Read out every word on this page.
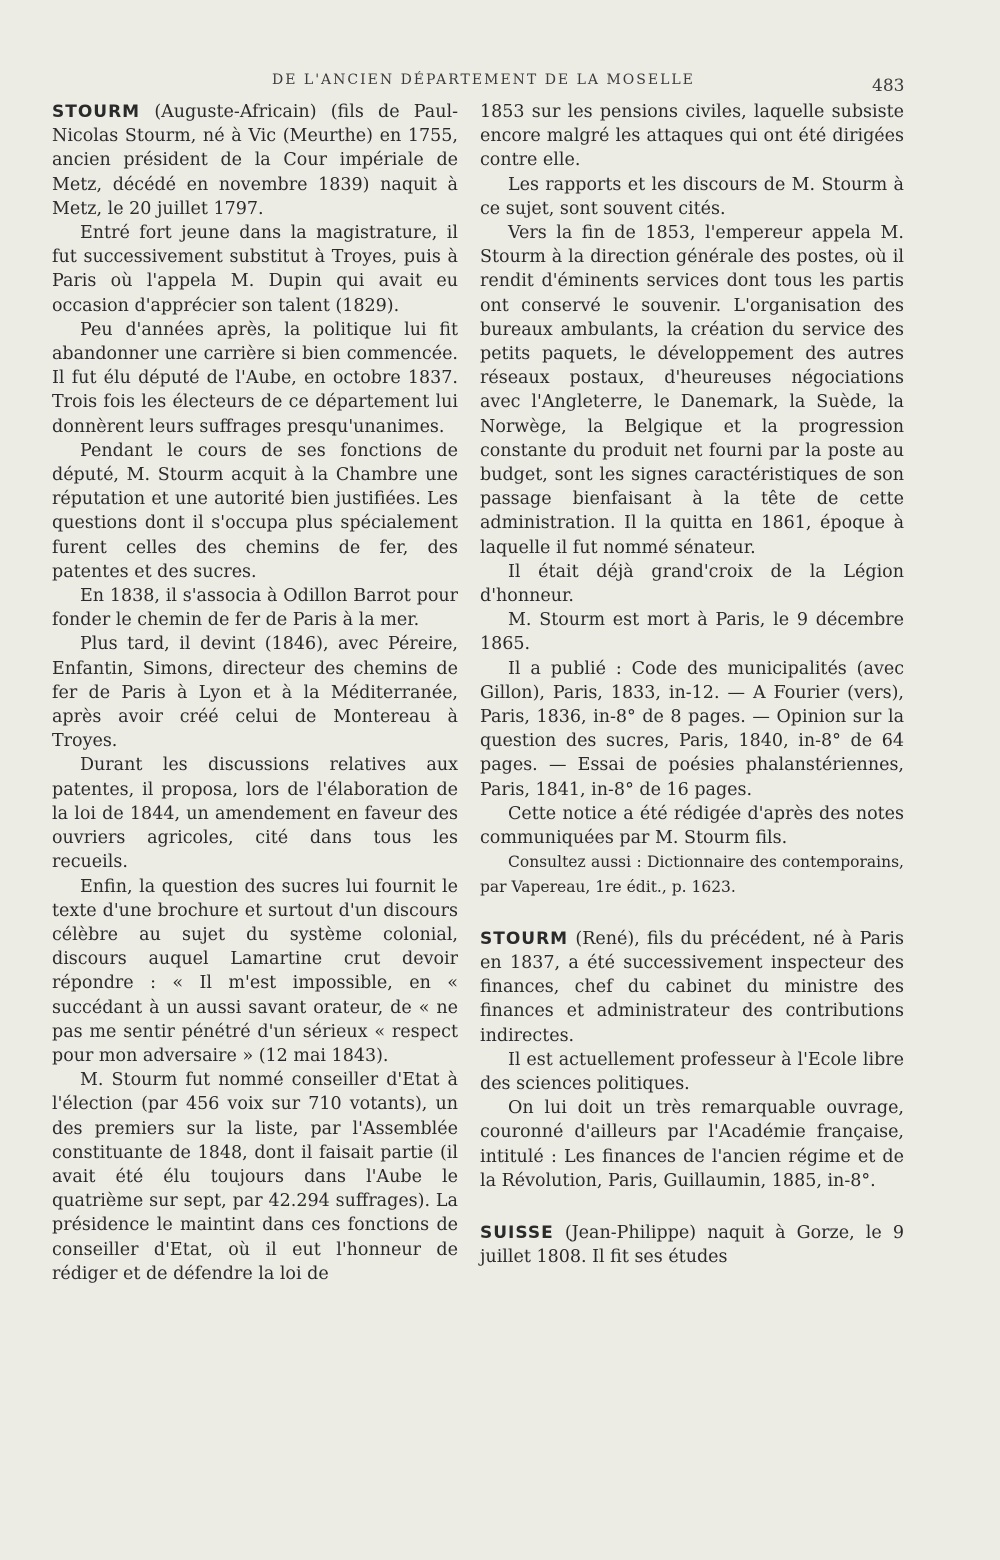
DE L'ANCIEN DÉPARTEMENT DE LA MOSELLE	483

STOURM (Auguste-Africain) (fils de Paul-Nicolas Stourm, né à Vic (Meurthe) en 1755, ancien président de la Cour impériale de Metz, décédé en novembre 1839) naquit à Metz, le 20 juillet 1797.

Entré fort jeune dans la magistrature, il fut successivement substitut à Troyes, puis à Paris où l'appela M. Dupin qui avait eu occasion d'apprécier son talent (1829).

Peu d'années après, la politique lui fit abandonner une carrière si bien commencée. Il fut élu député de l'Aube, en octobre 1837. Trois fois les électeurs de ce département lui donnèrent leurs suffrages presqu'unanimes.

Pendant le cours de ses fonctions de député, M. Stourm acquit à la Chambre une réputation et une autorité bien justifiées. Les questions dont il s'occupa plus spécialement furent celles des chemins de fer, des patentes et des sucres.

En 1838, il s'associa à Odillon Barrot pour fonder le chemin de fer de Paris à la mer.

Plus tard, il devint (1846), avec Péreire, Enfantin, Simons, directeur des chemins de fer de Paris à Lyon et à la Méditerranée, après avoir créé celui de Montereau à Troyes.

Durant les discussions relatives aux patentes, il proposa, lors de l'élaboration de la loi de 1844, un amendement en faveur des ouvriers agricoles, cité dans tous les recueils.

Enfin, la question des sucres lui fournit le texte d'une brochure et surtout d'un discours célèbre au sujet du système colonial, discours auquel Lamartine crut devoir répondre : « Il m'est impossible, en « succédant à un aussi savant orateur, de « ne pas me sentir pénétré d'un sérieux « respect pour mon adversaire » (12 mai 1843).

M. Stourm fut nommé conseiller d'Etat à l'élection (par 456 voix sur 710 votants), un des premiers sur la liste, par l'Assemblée constituante de 1848, dont il faisait partie (il avait été élu toujours dans l'Aube le quatrième sur sept, par 42.294 suffrages). La présidence le maintint dans ces fonctions de conseiller d'Etat, où il eut l'honneur de rédiger et de défendre la loi de

1853 sur les pensions civiles, laquelle subsiste encore malgré les attaques qui ont été dirigées contre elle.

Les rapports et les discours de M. Stourm à ce sujet, sont souvent cités.

Vers la fin de 1853, l'empereur appela M. Stourm à la direction générale des postes, où il rendit d'éminents services dont tous les partis ont conservé le souvenir. L'organisation des bureaux ambulants, la création du service des petits paquets, le développement des autres réseaux postaux, d'heureuses négociations avec l'Angleterre, le Danemark, la Suède, la Norwège, la Belgique et la progression constante du produit net fourni par la poste au budget, sont les signes caractéristiques de son passage bienfaisant à la tête de cette administration. Il la quitta en 1861, époque à laquelle il fut nommé sénateur.

Il était déjà grand'croix de la Légion d'honneur.

M. Stourm est mort à Paris, le 9 décembre 1865.

Il a publié : Code des municipalités (avec Gillon), Paris, 1833, in-12. — A Fourier (vers), Paris, 1836, in-8° de 8 pages. — Opinion sur la question des sucres, Paris, 1840, in-8° de 64 pages. — Essai de poésies phalanstériennes, Paris, 1841, in-8° de 16 pages.

Cette notice a été rédigée d'après des notes communiquées par M. Stourm fils.

Consultez aussi : Dictionnaire des contemporains, par Vapereau, 1re édit., p. 1623.

STOURM (René), fils du précédent, né à Paris en 1837, a été successivement inspecteur des finances, chef du cabinet du ministre des finances et administrateur des contributions indirectes.

Il est actuellement professeur à l'Ecole libre des sciences politiques.

On lui doit un très remarquable ouvrage, couronné d'ailleurs par l'Académie française, intitulé : Les finances de l'ancien régime et de la Révolution, Paris, Guillaumin, 1885, in-8°.

SUISSE (Jean-Philippe) naquit à Gorze, le 9 juillet 1808. Il fit ses études
